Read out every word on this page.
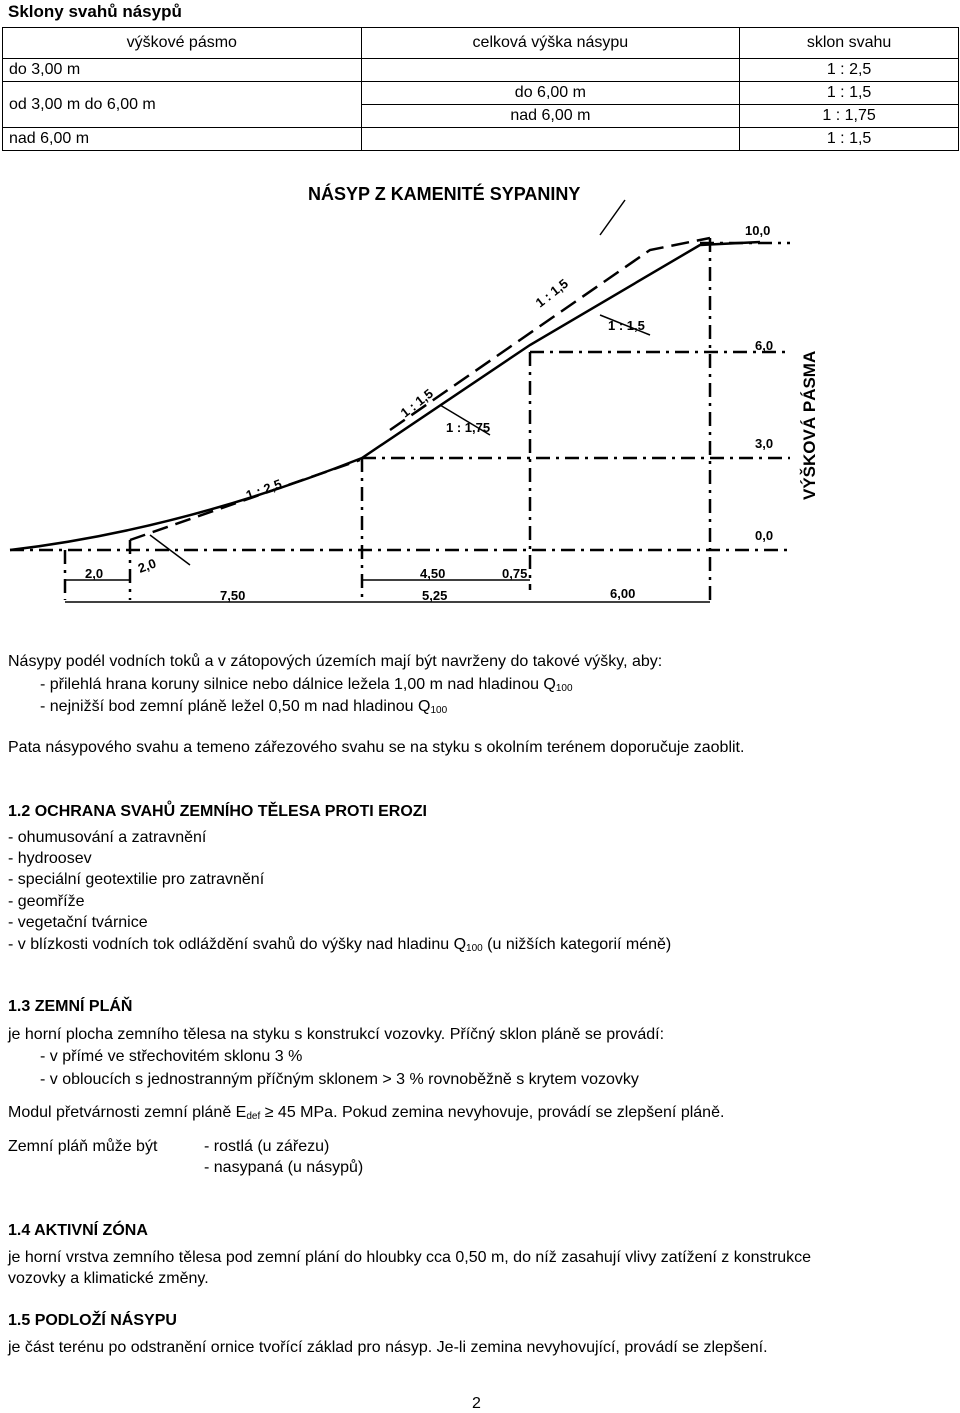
Sklony svahů násypů
výškové pásmo	celková výška násypu	sklon svahu
do 3,00 m		1 : 2,5
od 3,00 m do 6,00 m	do 6,00 m	1 : 1,5
	nad 6,00 m	1 : 1,75
nad 6,00 m		1 : 1,5
NÁSYP Z KAMENITÉ SYPANINY
1 : 1,5
1 : 1,5
1 : 1,5
1 : 1,75
1 : 2,5
2,0
10,0
6,0
3,0
0,0
VÝŠKOVÁ PÁSMA
2,0
7,50
4,50
5,25
0,75
6,00
Násypy podél vodních toků a v zátopových územích mají být navrženy do takové výšky, aby:
- přilehlá hrana koruny silnice nebo dálnice ležela 1,00 m nad hladinou $Q_{100}$
- nejnižší bod zemní pláně ležel 0,50 m nad hladinou $Q_{100}$
Pata násypového svahu a temeno zářezového svahu se na styku s okolním terénem doporučuje zaoblit.
1.2 OCHRANA SVAHŮ ZEMNÍHO TĚLESA PROTI EROZI
- ohumusování a zatravnění
- hydroosev
- speciální geotextilie pro zatravnění
- geomříže
- vegetační tvárnice
- v blízkosti vodních tok odláždění svahů do výšky nad hladinu $Q_{100}$ (u nižších kategorií méně)
1.3 ZEMNÍ PLÁŇ
je horní plocha zemního tělesa na styku s konstrukcí vozovky. Příčný sklon pláně se provádí:
- v přímé ve střechovitém sklonu 3 %
- v obloucích s jednostranným příčným sklonem > 3 % rovnoběžně s krytem vozovky
Modul přetvárnosti zemní pláně $E_{def} \ge 45$ MPa. Pokud zemina nevyhovuje, provádí se zlepšení pláně.
Zemní pláň může být	- rostlá (u zářezu)
- nasypaná (u násypů)
1.4 AKTIVNÍ ZÓNA
je horní vrstva zemního tělesa pod zemní plání do hloubky cca 0,50 m, do níž zasahují vlivy zatížení z konstrukce
vozovky a klimatické změny.
1.5 PODLOŽÍ NÁSYPU
je část terénu po odstranění ornice tvořící základ pro násyp. Je-li zemina nevyhovující, provádí se zlepšení.
2
